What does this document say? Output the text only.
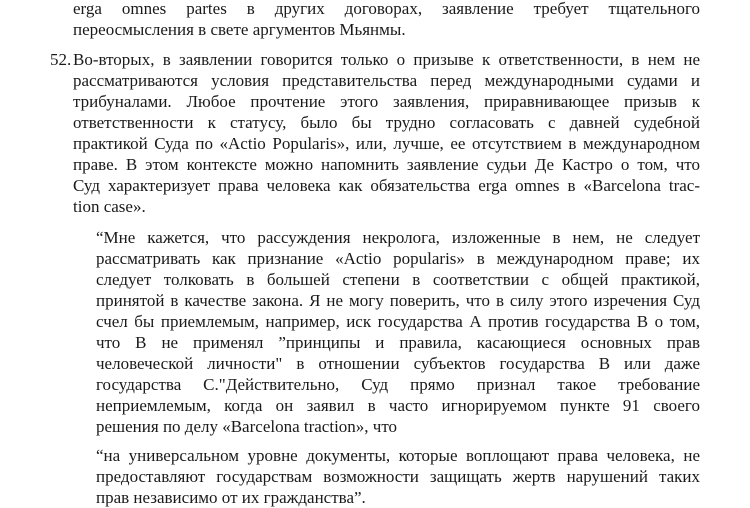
erga omnes partes в других договорах, заявление требует тщательного
переосмысления в свете аргументов Мьянмы.
52. Во-вторых, в заявлении говорится только о призыве к ответственности, в нем не
рассматриваются условия представительства перед международными судами и
трибуналами. Любое прочтение этого заявления, приравнивающее призыв к
ответственности к статусу, было бы трудно согласовать с давней судебной
практикой Суда по «Actio Popularis», или, лучше, ее отсутствием в международном
праве. В этом контексте можно напомнить заявление судьи Де Кастро о том, что
Суд характеризует права человека как обязательства erga omnes в «Barcelona trac-
tion case».
“Мне кажется, что рассуждения некролога, изложенные в нем, не следует
рассматривать как признание «Actio popularis» в международном праве; их
следует толковать в большей степени в соответствии с общей практикой,
принятой в качестве закона. Я не могу поверить, что в силу этого изречения Суд
счел бы приемлемым, например, иск государства А против государства В о том,
что В не применял ”принципы и правила, касающиеся основных прав
человеческой личности" в отношении субъектов государства В или даже
государства С."Действительно, Суд прямо признал такое требование
неприемлемым, когда он заявил в часто игнорируемом пункте 91 своего
решения по делу «Barcelona traction», что
“на универсальном уровне документы, которые воплощают права человека, не
предоставляют государствам возможности защищать жертв нарушений таких
прав независимо от их гражданства”.
